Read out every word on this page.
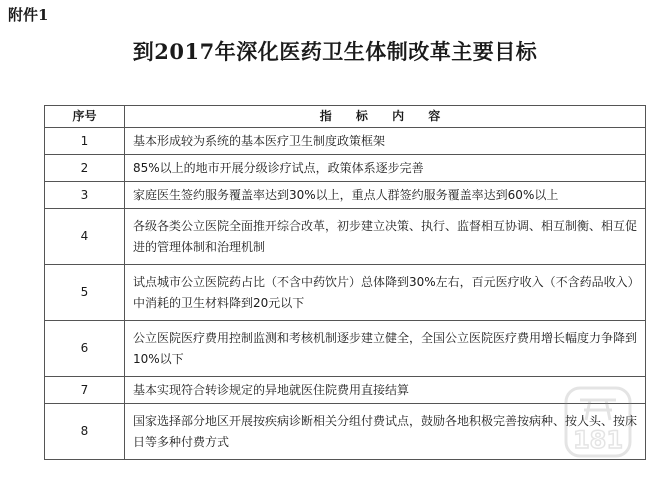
附件1
到2017年深化医药卫生体制改革主要目标
序号	指 标 内 容
1	基本形成较为系统的基本医疗卫生制度政策框架
2	85%以上的地市开展分级诊疗试点，政策体系逐步完善
3	家庭医生签约服务覆盖率达到30%以上，重点人群签约服务覆盖率达到60%以上
4	各级各类公立医院全面推开综合改革，初步建立决策、执行、监督相互协调、相互制衡、相互促进的管理体制和治理机制
5	试点城市公立医院药占比（不含中药饮片）总体降到30%左右，百元医疗收入（不含药品收入）中消耗的卫生材料降到20元以下
6	公立医院医疗费用控制监测和考核机制逐步建立健全，全国公立医院医疗费用增长幅度力争降到10%以下
7	基本实现符合转诊规定的异地就医住院费用直接结算
8	国家选择部分地区开展按疾病诊断相关分组付费试点，鼓励各地积极完善按病种、按人头、按床日等多种付费方式	181
